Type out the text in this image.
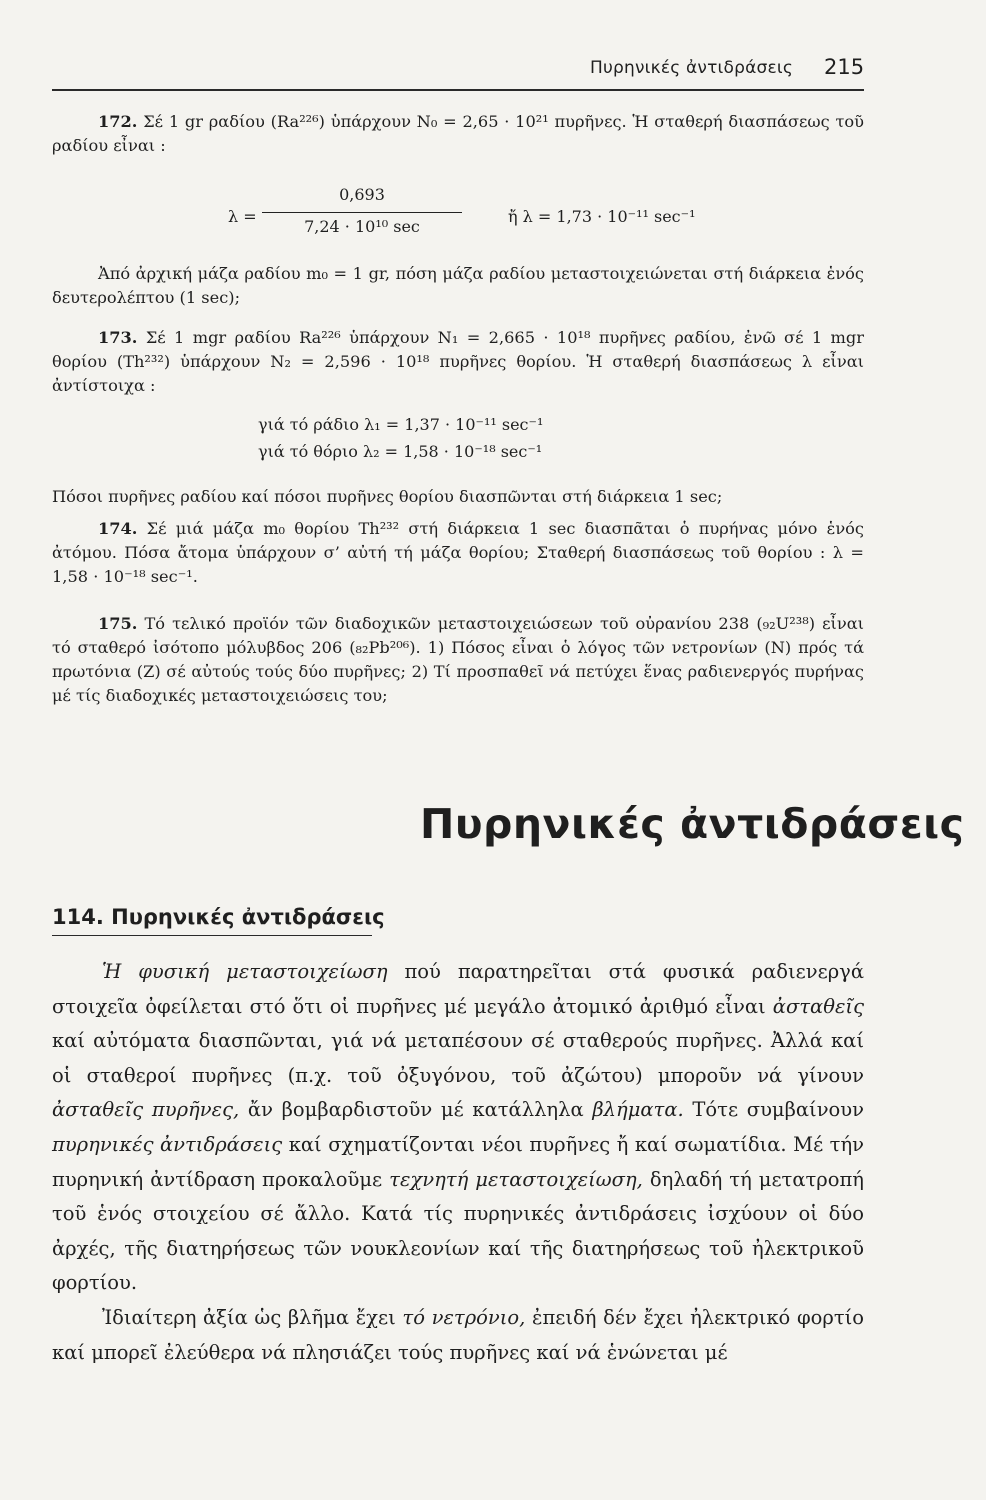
Πυρηνικές ἀντιδράσεις 215

172. Σέ 1 gr ραδίου (Ra²²⁶) ὑπάρχουν N₀ = 2,65 · 10²¹ πυρῆνες. Ἡ σταθερή διασπάσεως τοῦ ραδίου εἶναι :

λ =
0,693
7,24 · 10¹⁰ sec
ἤ λ = 1,73 · 10⁻¹¹ sec⁻¹

Ἀπό ἀρχική μάζα ραδίου m₀ = 1 gr, πόση μάζα ραδίου μεταστοιχειώνεται στή διάρκεια ἑνός δευτερολέπτου (1 sec);

173. Σέ 1 mgr ραδίου Ra²²⁶ ὑπάρχουν N₁ = 2,665 · 10¹⁸ πυρῆνες ραδίου, ἐνῶ σέ 1 mgr θορίου (Th²³²) ὑπάρχουν N₂ = 2,596 · 10¹⁸ πυρῆνες θορίου. Ἡ σταθερή διασπάσεως λ εἶναι ἀντίστοιχα :

γιά τό ράδιο λ₁ = 1,37 · 10⁻¹¹ sec⁻¹
γιά τό θόριο λ₂ = 1,58 · 10⁻¹⁸ sec⁻¹

Πόσοι πυρῆνες ραδίου καί πόσοι πυρῆνες θορίου διασπῶνται στή διάρκεια 1 sec;

174. Σέ μιά μάζα m₀ θορίου Th²³² στή διάρκεια 1 sec διασπᾶται ὁ πυρήνας μόνο ἑνός ἀτόμου. Πόσα ἄτομα ὑπάρχουν σ’ αὐτή τή μάζα θορίου; Σταθερή διασπάσεως τοῦ θορίου : λ = 1,58 · 10⁻¹⁸ sec⁻¹.

175. Τό τελικό προϊόν τῶν διαδοχικῶν μεταστοιχειώσεων τοῦ οὐρανίου 238 (₉₂U²³⁸) εἶναι τό σταθερό ἰσότοπο μόλυβδος 206 (₈₂Pb²⁰⁶). 1) Πόσος εἶναι ὁ λόγος τῶν νετρονίων (N) πρός τά πρωτόνια (Z) σέ αὐτούς τούς δύο πυρῆνες; 2) Τί προσπαθεῖ νά πετύχει ἕνας ραδιενεργός πυρήνας μέ τίς διαδοχικές μεταστοιχειώσεις του;

Πυρηνικές ἀντιδράσεις
114. Πυρηνικές ἀντιδράσεις

Ἡ φυσική μεταστοιχείωση πού παρατηρεῖται στά φυσικά ραδιενεργά στοιχεῖα ὀφείλεται στό ὅτι οἱ πυρῆνες μέ μεγάλο ἀτομικό ἀριθμό εἶναι ἀσταθεῖς καί αὐτόματα διασπῶνται, γιά νά μεταπέσουν σέ σταθερούς πυρῆνες. Ἀλλά καί οἱ σταθεροί πυρῆνες (π.χ. τοῦ ὀξυγόνου, τοῦ ἀζώτου) μποροῦν νά γίνουν ἀσταθεῖς πυρῆνες, ἄν βομβαρδιστοῦν μέ κατάλληλα βλήματα. Τότε συμβαίνουν πυρηνικές ἀντιδράσεις καί σχηματίζονται νέοι πυρῆνες ἤ καί σωματίδια. Μέ τήν πυρηνική ἀντίδραση προκαλοῦμε τεχνητή μεταστοιχείωση, δηλαδή τή μετατροπή τοῦ ἑνός στοιχείου σέ ἄλλο. Κατά τίς πυρηνικές ἀντιδράσεις ἰσχύουν οἱ δύο ἀρχές, τῆς διατηρήσεως τῶν νουκλεονίων καί τῆς διατηρήσεως τοῦ ἠλεκτρικοῦ φορτίου.

Ἰδιαίτερη ἀξία ὡς βλῆμα ἔχει τό νετρόνιο, ἐπειδή δέν ἔχει ἠλεκτρικό φορτίο καί μπορεῖ ἐλεύθερα νά πλησιάζει τούς πυρῆνες καί νά ἑνώνεται μέ
